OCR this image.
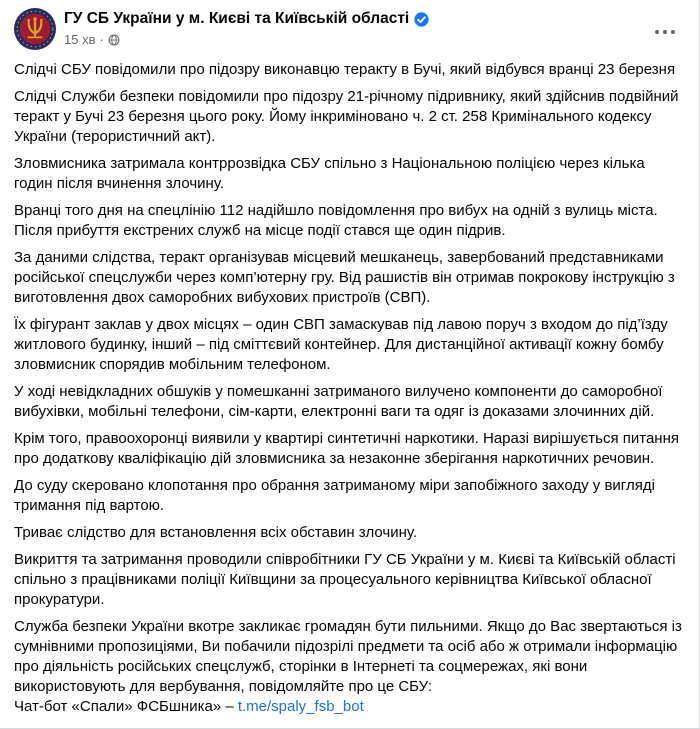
ГУ СБ України у м. Києві та Київській області
15 хв ·

Слідчі СБУ повідомили про підозру виконавцю теракту в Бучі, який відбувся вранці 23 березня

Слідчі Служби безпеки повідомили про підозру 21-річному підривнику, який здійснив подвійний теракт у Бучі 23 березня цього року. Йому інкриміновано ч. 2 ст. 258 Кримінального кодексу України (терористичний акт).

Зловмисника затримала контррозвідка СБУ спільно з Національною поліцією через кілька годин після вчинення злочину.

Вранці того дня на спецлінію 112 надійшло повідомлення про вибух на одній з вулиць міста. Після прибуття екстрених служб на місце події стався ще один підрив.

За даними слідства, теракт організував місцевий мешканець, завербований представниками російської спецслужби через комп’ютерну гру. Від рашистів він отримав покрокову інструкцію з виготовлення двох саморобних вибухових пристроїв (СВП).

Їх фігурант заклав у двох місцях – один СВП замаскував під лавою поруч з входом до під’їзду житлового будинку, інший – під сміттєвий контейнер. Для дистанційної активації кожну бомбу зловмисник спорядив мобільним телефоном.

У ході невідкладних обшуків у помешканні затриманого вилучено компоненти до саморобної вибухівки, мобільні телефони, сім-карти, електронні ваги та одяг із доказами злочинних дій.

Крім того, правоохоронці виявили у квартирі синтетичні наркотики. Наразі вирішується питання про додаткову кваліфікацію дій зловмисника за незаконне зберігання наркотичних речовин.

До суду скеровано клопотання про обрання затриманому міри запобіжного заходу у вигляді тримання під вартою.

Триває слідство для встановлення всіх обставин злочину.

Викриття та затримання проводили співробітники ГУ СБ України у м. Києві та Київській області спільно з працівниками поліції Київщини за процесуального керівництва Київської обласної прокуратури.

Служба безпеки України вкотре закликає громадян бути пильними. Якщо до Вас звертаються із сумнівними пропозиціями, Ви побачили підозрілі предмети та осіб або ж отримали інформацію про діяльність російських спецслужб, сторінки в Інтернеті та соцмережах, які вони використовують для вербування, повідомляйте про це СБУ:
Чат-бот «Спали» ФСБшника» – t.me/spaly_fsb_bot
